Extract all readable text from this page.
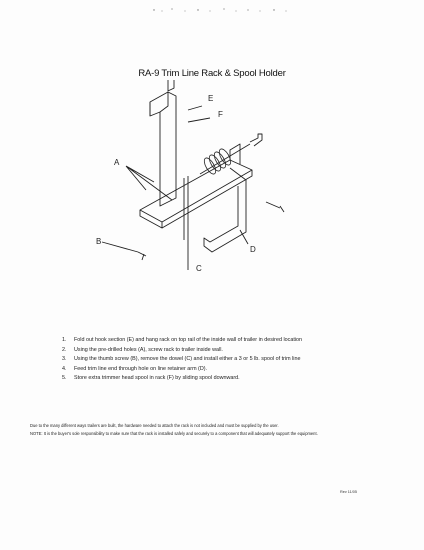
RA-9 Trim Line Rack & Spool Holder
A
B
C
D
E
F
1. Fold out hook section (E) and hang rack on top rail of the inside wall of trailer in desired location
2. Using the pre-drilled holes (A), screw rack to trailer inside wall.
3. Using the thumb screw (B), remove the dowel (C) and install either a 3 or 5 lb. spool of trim line
4. Feed trim line end through hole on line retainer arm (D).
5. Store extra trimmer head spool in rack (F) by sliding spool downward.
Due to the many different ways trailers are built, the hardware needed to attach the rack is not included and must be supplied by the user.
NOTE: It is the buyer's sole responsibility to make sure that the rack is installed safely and securely to a component that will adequately support the equipment.
Rev 11/05
